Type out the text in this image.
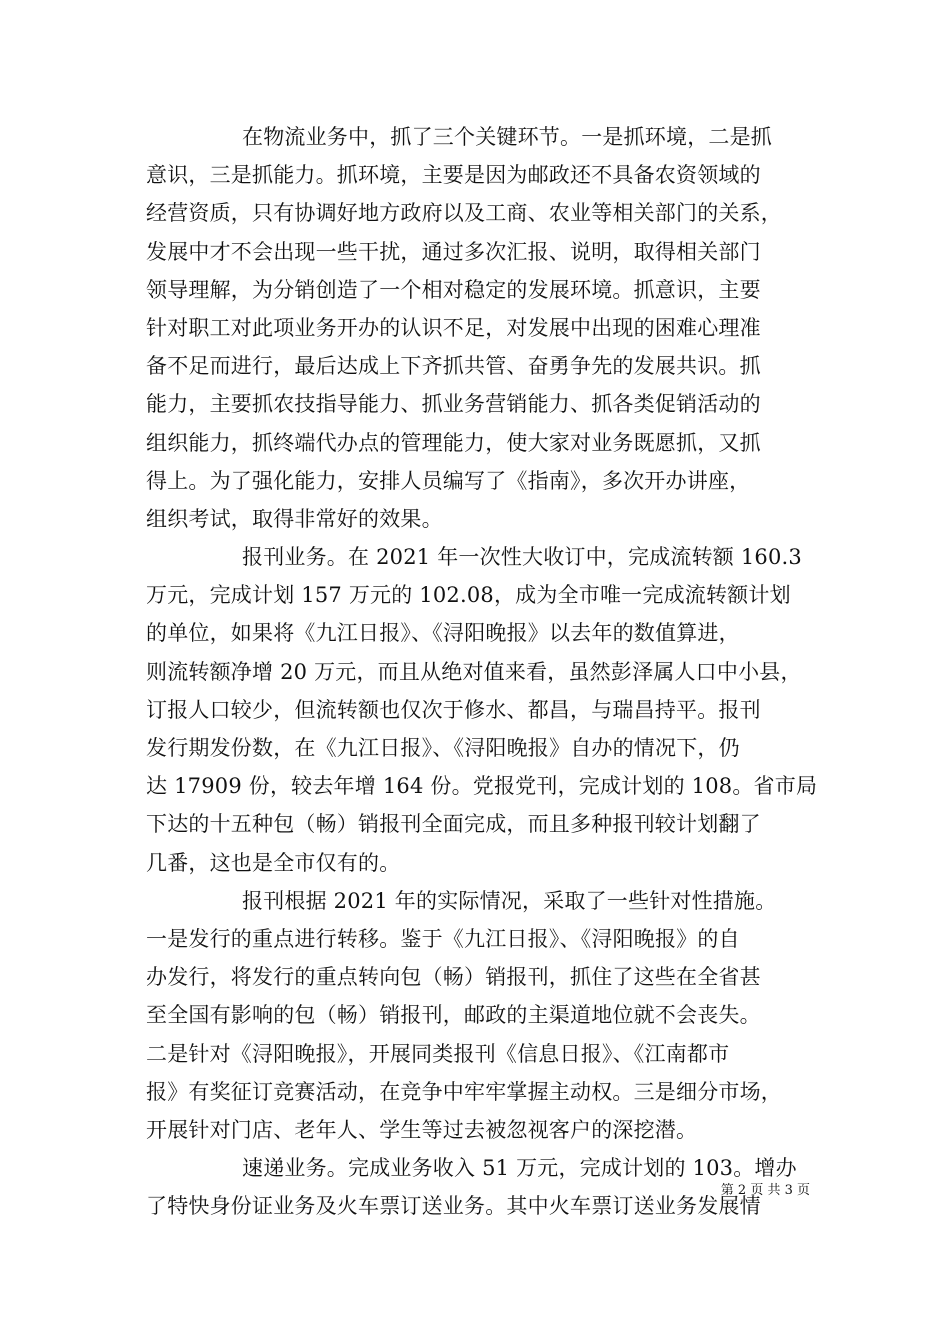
在物流业务中，抓了三个关键环节。一是抓环境，二是抓
意识，三是抓能力。抓环境，主要是因为邮政还不具备农资领域的
经营资质，只有协调好地方政府以及工商、农业等相关部门的关系，
发展中才不会出现一些干扰，通过多次汇报、说明，取得相关部门
领导理解，为分销创造了一个相对稳定的发展环境。抓意识，主要
针对职工对此项业务开办的认识不足，对发展中出现的困难心理准
备不足而进行，最后达成上下齐抓共管、奋勇争先的发展共识。抓
能力，主要抓农技指导能力、抓业务营销能力、抓各类促销活动的
组织能力，抓终端代办点的管理能力，使大家对业务既愿抓，又抓
得上。为了强化能力，安排人员编写了《指南》，多次开办讲座，
组织考试，取得非常好的效果。
报刊业务。在 2021 年一次性大收订中，完成流转额 160.3
万元，完成计划 157 万元的 102.08，成为全市唯一完成流转额计划
的单位，如果将《九江日报》、《浔阳晚报》以去年的数值算进，
则流转额净增 20 万元，而且从绝对值来看，虽然彭泽属人口中小县，
订报人口较少，但流转额也仅次于修水、都昌，与瑞昌持平。报刊
发行期发份数，在《九江日报》、《浔阳晚报》自办的情况下，仍
达 17909 份，较去年增 164 份。党报党刊，完成计划的 108。省市局
下达的十五种包（畅）销报刊全面完成，而且多种报刊较计划翻了
几番，这也是全市仅有的。
报刊根据 2021 年的实际情况，采取了一些针对性措施。
一是发行的重点进行转移。鉴于《九江日报》、《浔阳晚报》的自
办发行，将发行的重点转向包（畅）销报刊，抓住了这些在全省甚
至全国有影响的包（畅）销报刊，邮政的主渠道地位就不会丧失。
二是针对《浔阳晚报》，开展同类报刊《信息日报》、《江南都市
报》有奖征订竞赛活动，在竞争中牢牢掌握主动权。三是细分市场，
开展针对门店、老年人、学生等过去被忽视客户的深挖潜。
速递业务。完成业务收入 51 万元，完成计划的 103。增办
了特快身份证业务及火车票订送业务。其中火车票订送业务发展情
第 2 页 共 3 页
